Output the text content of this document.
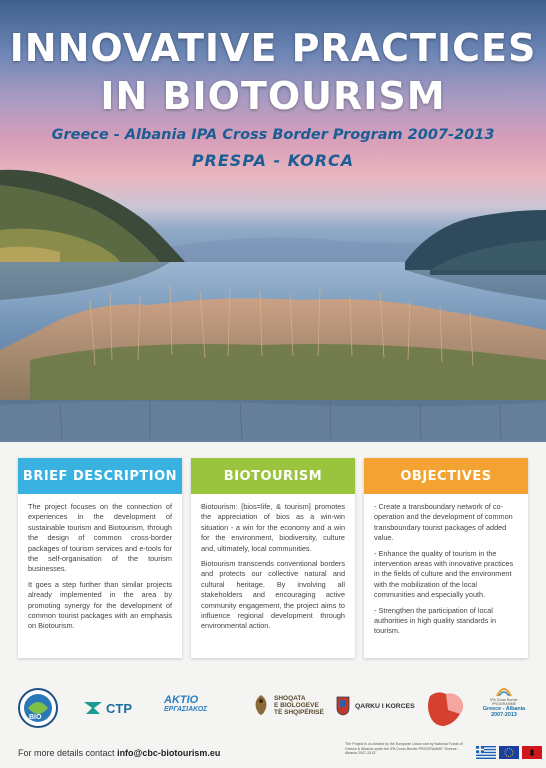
INNOVATIVE PRACTICES
IN BIOTOURISM
Greece - Albania IPA Cross Border Program 2007-2013
PRESPA - KORCA
BRIEF DESCRIPTION

The project focuses on the connection of experiences in the development of sustainable tourism and Biotourism, through the design of common cross-border packages of tourism services and e-tools for the self-organisation of the tourism businesses.

It goes a step further than similar projects already implemented in the area by promoting synergy for the development of common tourist packages with an emphasis on Biotourism.

BIOTOURISM

Biotourism: [bios=life, & tourism] promotes the appreciation of bios as a win-win situation - a win for the economy and a win for the environment, biodiversity, culture and, ultimately, local communities.

Biotourism transcends conventional borders and protects our collective natural and cultural heritage. By involving all stakeholders and encouraging active community engagement, the project aims to influence regional development through environmental action.

OBJECTIVES

- Create a transboundary network of co-operation and the development of common transboundary tourist packages of added value.

- Enhance the quality of tourism in the intervention areas with innovative practices in the fields of culture and the environment with the mobilization of the local communities and especially youth.

- Strengthen the participation of local authorities in high quality standards in tourism.

BIO
CTP
AKTIO
ΕΡΓΑΣΙΑΚΟΣ
SHOQATA
E BIOLOGEVE
TË SHQIPËRISË
QARKU I KORCES
IPA Cross Border PROGRAMME
Greece - Albania
2007-2013
For more details contact info@cbc-biotourism.eu
The Project is co-funded by the European Union and by National Funds of Greece & Albania under the IPA Cross Border PROGRAMME "Greece - Albania 2007-2013"
